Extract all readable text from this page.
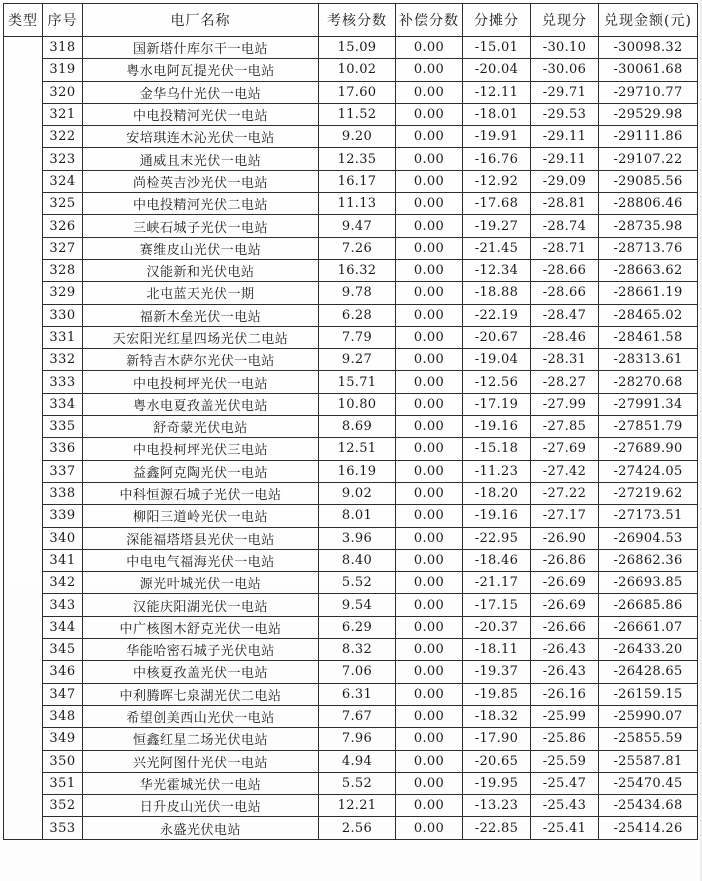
类型	序号	电厂名称	考核分数	补偿分数	分摊分	兑现分	兑现金额(元)
	318	国新塔什库尔干一电站	15.09	0.00	-15.01	-30.10	-30098.32
	319	粤水电阿瓦提光伏一电站	10.02	0.00	-20.04	-30.06	-30061.68
	320	金华乌什光伏一电站	17.60	0.00	-12.11	-29.71	-29710.77
	321	中电投精河光伏一电站	11.52	0.00	-18.01	-29.53	-29529.98
	322	安培琪连木沁光伏一电站	9.20	0.00	-19.91	-29.11	-29111.86
	323	通威且末光伏一电站	12.35	0.00	-16.76	-29.11	-29107.22
	324	尚检英吉沙光伏一电站	16.17	0.00	-12.92	-29.09	-29085.56
	325	中电投精河光伏二电站	11.13	0.00	-17.68	-28.81	-28806.46
	326	三峡石城子光伏一电站	9.47	0.00	-19.27	-28.74	-28735.98
	327	赛维皮山光伏一电站	7.26	0.00	-21.45	-28.71	-28713.76
	328	汉能新和光伏电站	16.32	0.00	-12.34	-28.66	-28663.62
	329	北屯蓝天光伏一期	9.78	0.00	-18.88	-28.66	-28661.19
	330	福新木垒光伏一电站	6.28	0.00	-22.19	-28.47	-28465.02
	331	天宏阳光红星四场光伏二电站	7.79	0.00	-20.67	-28.46	-28461.58
	332	新特吉木萨尔光伏一电站	9.27	0.00	-19.04	-28.31	-28313.61
	333	中电投柯坪光伏一电站	15.71	0.00	-12.56	-28.27	-28270.68
	334	粤水电夏孜盖光伏电站	10.80	0.00	-17.19	-27.99	-27991.34
	335	舒奇蒙光伏电站	8.69	0.00	-19.16	-27.85	-27851.79
	336	中电投柯坪光伏三电站	12.51	0.00	-15.18	-27.69	-27689.90
	337	益鑫阿克陶光伏一电站	16.19	0.00	-11.23	-27.42	-27424.05
	338	中科恒源石城子光伏一电站	9.02	0.00	-18.20	-27.22	-27219.62
	339	柳阳三道岭光伏一电站	8.01	0.00	-19.16	-27.17	-27173.51
	340	深能福塔塔县光伏一电站	3.96	0.00	-22.95	-26.90	-26904.53
	341	中电电气福海光伏一电站	8.40	0.00	-18.46	-26.86	-26862.36
	342	源光叶城光伏一电站	5.52	0.00	-21.17	-26.69	-26693.85
	343	汉能庆阳湖光伏一电站	9.54	0.00	-17.15	-26.69	-26685.86
	344	中广核图木舒克光伏一电站	6.29	0.00	-20.37	-26.66	-26661.07
	345	华能哈密石城子光伏电站	8.32	0.00	-18.11	-26.43	-26433.20
	346	中核夏孜盖光伏一电站	7.06	0.00	-19.37	-26.43	-26428.65
	347	中利腾晖七泉湖光伏二电站	6.31	0.00	-19.85	-26.16	-26159.15
	348	希望创美西山光伏一电站	7.67	0.00	-18.32	-25.99	-25990.07
	349	恒鑫红星二场光伏电站	7.96	0.00	-17.90	-25.86	-25855.59
	350	兴光阿图什光伏一电站	4.94	0.00	-20.65	-25.59	-25587.81
	351	华光霍城光伏一电站	5.52	0.00	-19.95	-25.47	-25470.45
	352	日升皮山光伏一电站	12.21	0.00	-13.23	-25.43	-25434.68
	353	永盛光伏电站	2.56	0.00	-22.85	-25.41	-25414.26
